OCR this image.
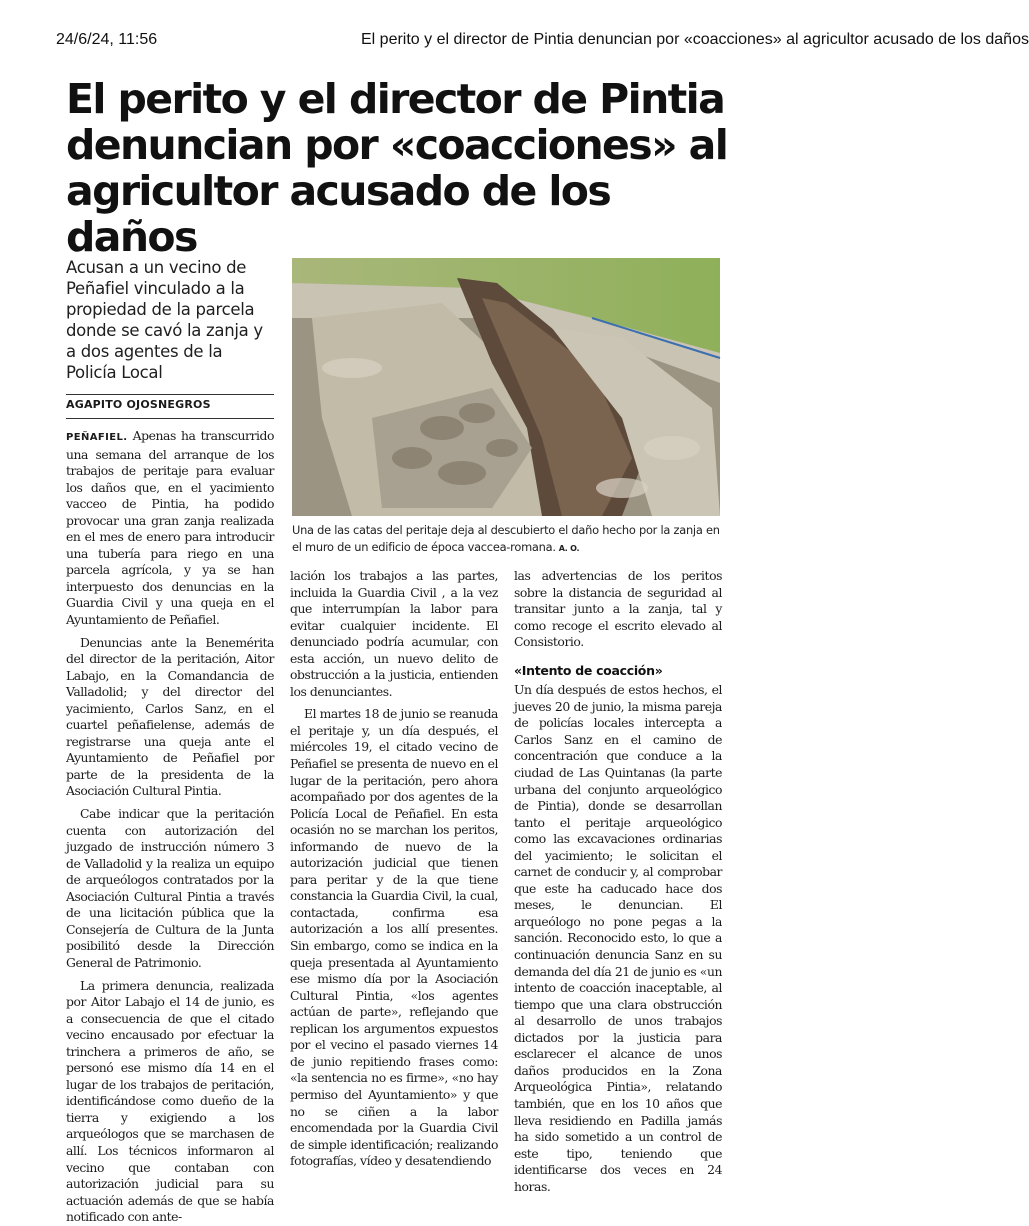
24/6/24, 11:56	El perito y el director de Pintia denuncian por «coacciones» al agricultor acusado de los daños
El perito y el director de Pintia denuncian por «coacciones» al agricultor acusado de los daños
Acusan a un vecino de Peñafiel vinculado a la propiedad de la parcela donde se cavó la zanja y a dos agentes de la Policía Local
AGAPITO OJOSNEGROS
Una de las catas del peritaje deja al descubierto el daño hecho por la zanja en el muro de un edificio de época vaccea-romana. A. O.

PEÑAFIEL. Apenas ha transcurrido una semana del arranque de los trabajos de peritaje para evaluar los daños que, en el yacimiento vacceo de Pintia, ha podido provocar una gran zanja realizada en el mes de enero para introducir una tubería para riego en una parcela agrícola, y ya se han interpuesto dos denuncias en la Guardia Civil y una queja en el Ayuntamiento de Peñafiel.

Denuncias ante la Benemérita del director de la peritación, Aitor Labajo, en la Comandancia de Valladolid; y del director del yacimiento, Carlos Sanz, en el cuartel peñafielense, además de registrarse una queja ante el Ayuntamiento de Peñafiel por parte de la presidenta de la Asociación Cultural Pintia.

Cabe indicar que la peritación cuenta con autorización del juzgado de instrucción número 3 de Valladolid y la realiza un equipo de arqueólogos contratados por la Asociación Cultural Pintia a través de una licitación pública que la Consejería de Cultura de la Junta posibilitó desde la Dirección General de Patrimonio.

La primera denuncia, realizada por Aitor Labajo el 14 de junio, es a consecuencia de que el citado vecino encausado por efectuar la trinchera a primeros de año, se personó ese mismo día 14 en el lugar de los trabajos de peritación, identificándose como dueño de la tierra y exigiendo a los arqueólogos que se marchasen de allí. Los técnicos informaron al vecino que contaban con autorización judicial para su actuación además de que se había notificado con ante-

lación los trabajos a las partes, incluida la Guardia Civil , a la vez que interrumpían la labor para evitar cualquier incidente. El denunciado podría acumular, con esta acción, un nuevo delito de obstrucción a la justicia, entienden los denunciantes.

El martes 18 de junio se reanuda el peritaje y, un día después, el miércoles 19, el citado vecino de Peñafiel se presenta de nuevo en el lugar de la peritación, pero ahora acompañado por dos agentes de la Policía Local de Peñafiel. En esta ocasión no se marchan los peritos, informando de nuevo de la autorización judicial que tienen para peritar y de la que tiene constancia la Guardia Civil, la cual, contactada, confirma esa autorización a los allí presentes. Sin embargo, como se indica en la queja presentada al Ayuntamiento ese mismo día por la Asociación Cultural Pintia, «los agentes actúan de parte», reflejando que replican los argumentos expuestos por el vecino el pasado viernes 14 de junio repitiendo frases como: «la sentencia no es firme», «no hay permiso del Ayuntamiento» y que no se ciñen a la labor encomendada por la Guardia Civil de simple identificación; realizando fotografías, vídeo y desatendiendo

las advertencias de los peritos sobre la distancia de seguridad al transitar junto a la zanja, tal y como recoge el escrito elevado al Consistorio.

«Intento de coacción»

Un día después de estos hechos, el jueves 20 de junio, la misma pareja de policías locales intercepta a Carlos Sanz en el camino de concentración que conduce a la ciudad de Las Quintanas (la parte urbana del conjunto arqueológico de Pintia), donde se desarrollan tanto el peritaje arqueológico como las excavaciones ordinarias del yacimiento; le solicitan el carnet de conducir y, al comprobar que este ha caducado hace dos meses, le denuncian. El arqueólogo no pone pegas a la sanción. Reconocido esto, lo que a continuación denuncia Sanz en su demanda del día 21 de junio es «un intento de coacción inaceptable, al tiempo que una clara obstrucción al desarrollo de unos trabajos dictados por la justicia para esclarecer el alcance de unos daños producidos en la Zona Arqueológica Pintia», relatando también, que en los 10 años que lleva residiendo en Padilla jamás ha sido sometido a un control de este tipo, teniendo que identificarse dos veces en 24 horas.
